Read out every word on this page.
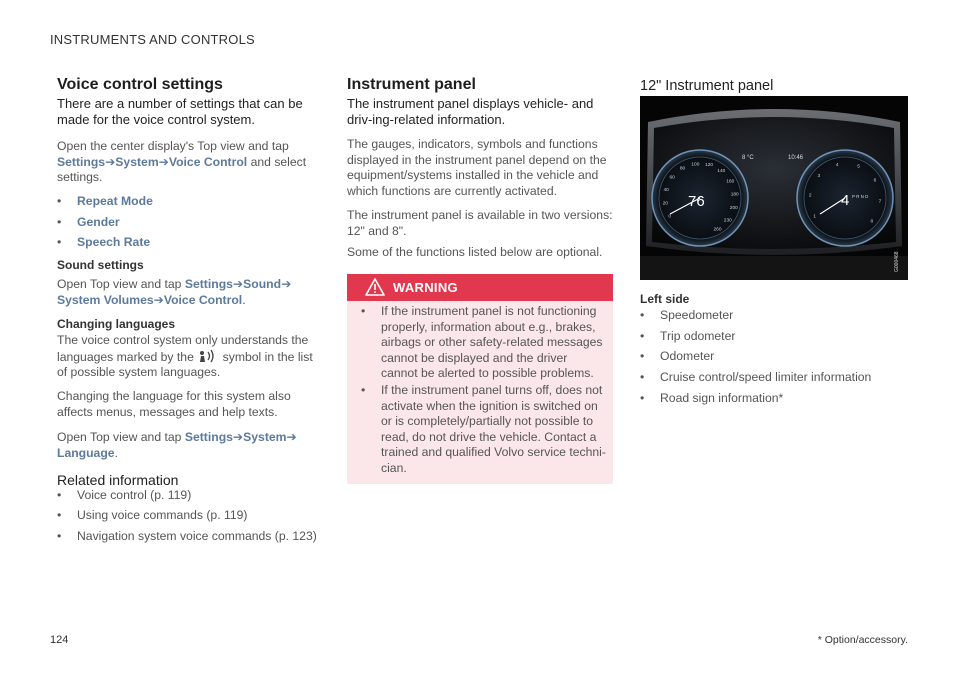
INSTRUMENTS AND CONTROLS
Voice control settings
There are a number of settings that can be made for the voice control system.
Open the center display's Top view and tap
Settings➔System➔Voice Control and select settings.
• Repeat Mode
• Gender
• Speech Rate
Sound settings
Open Top view and tap Settings➔Sound➔
System Volumes➔Voice Control.
Changing languages
The voice control system only understands the
languages marked by the symbol in the list
of possible system languages.
Changing the language for this system also affects menus, messages and help texts.
Open Top view and tap Settings➔System➔
Language.
Related information
• Voice control (p. 119)
• Using voice commands (p. 119)
• Navigation system voice commands (p. 123)
Instrument panel
The instrument panel displays vehicle- and driv-ing-related information.
The gauges, indicators, symbols and functions displayed in the instrument panel depend on the equipment/systems installed in the vehicle and which functions are currently activated.
The instrument panel is available in two versions: 12" and 8".
Some of the functions listed below are optional.
WARNING
• If the instrument panel is not functioning properly, information about e.g., brakes, airbags or other safety-related messages cannot be displayed and the driver cannot be alerted to possible problems.
• If the instrument panel turns off, does not activate when the ignition is switched on or is completely/partially not possible to read, do not drive the vehicle. Contact a trained and qualified Volvo service techni-cian.
12" Instrument panel
0
20
40
60
80
100 120
140
160
180
200
230
260
1
2
3
4	5
6
7
8
8 °C	10:46
76	4 P R N D
G000468
Left side
• Speedometer
• Trip odometer
• Odometer
• Cruise control/speed limiter information
• Road sign information*
124	* Option/accessory.
